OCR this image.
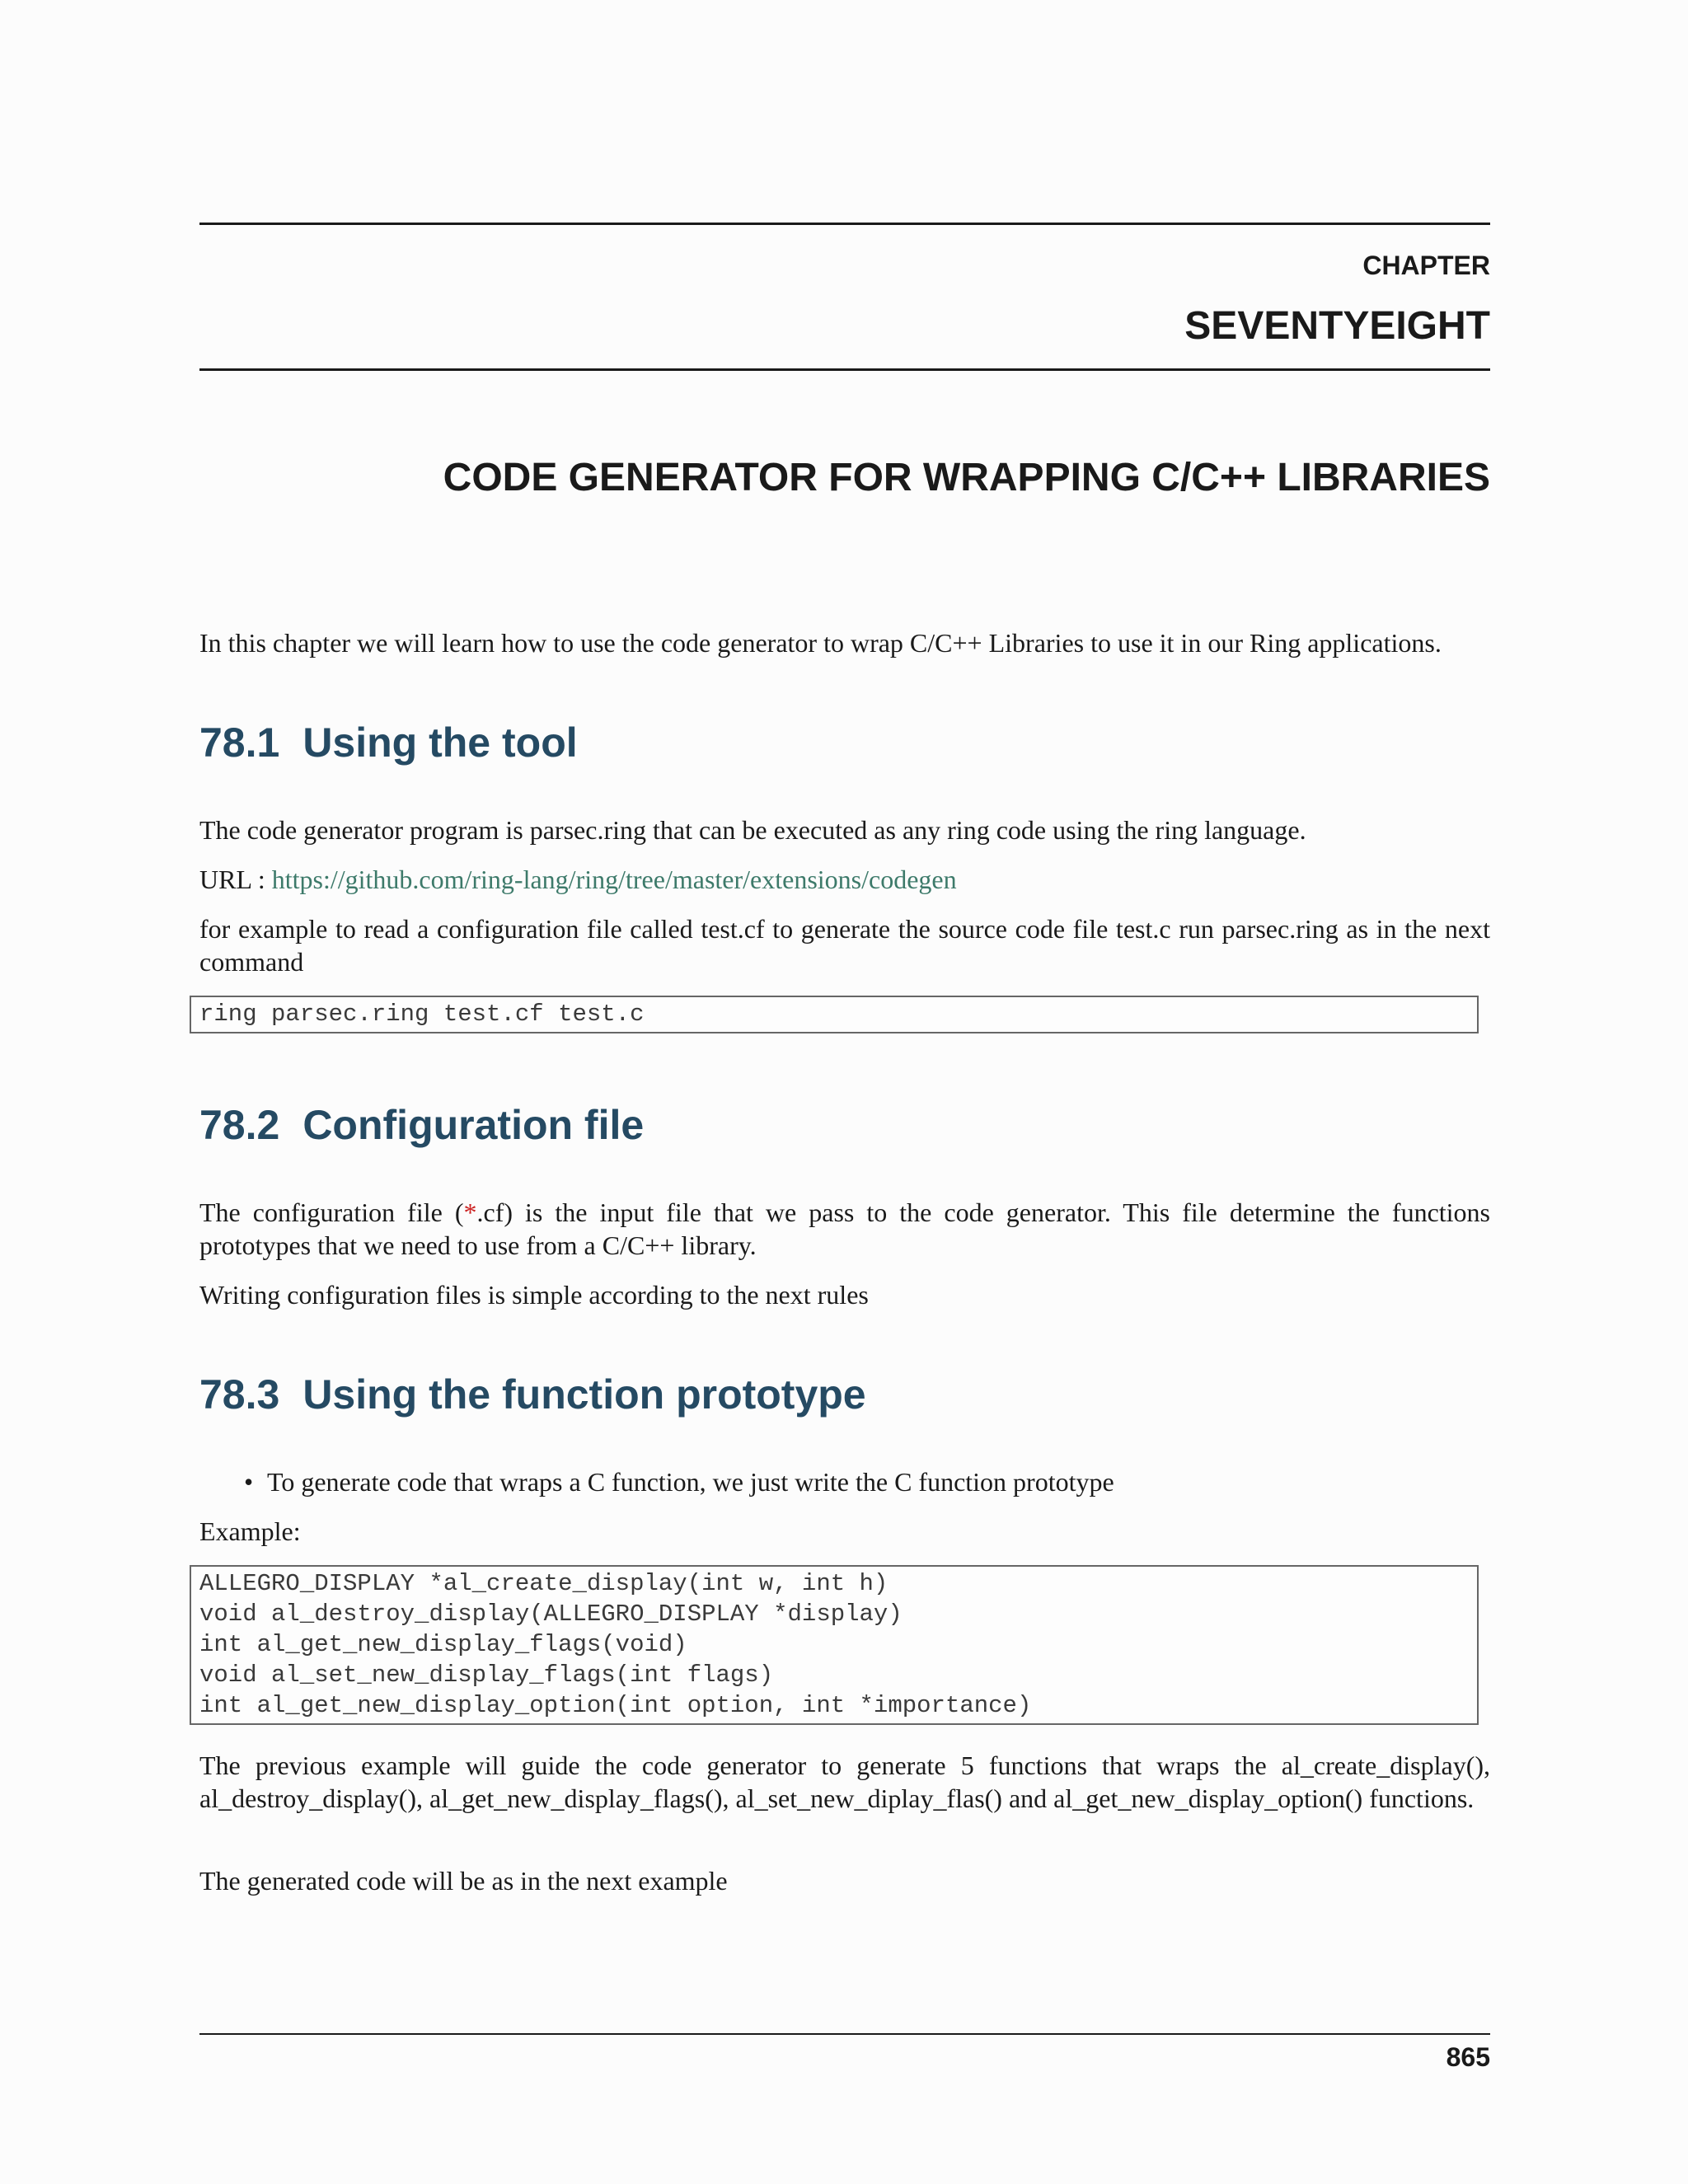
CHAPTER
SEVENTYEIGHT
CODE GENERATOR FOR WRAPPING C/C++ LIBRARIES
In this chapter we will learn how to use the code generator to wrap C/C++ Libraries to use it in our Ring applications.
78.1 Using the tool
The code generator program is parsec.ring that can be executed as any ring code using the ring language.
URL : https://github.com/ring-lang/ring/tree/master/extensions/codegen
for example to read a configuration file called test.cf to generate the source code file test.c run parsec.ring as in the next command
ring parsec.ring test.cf test.c
78.2 Configuration file
The configuration file (*.cf) is the input file that we pass to the code generator. This file determine the functions prototypes that we need to use from a C/C++ library.
Writing configuration files is simple according to the next rules
78.3 Using the function prototype
• To generate code that wraps a C function, we just write the C function prototype
Example:
ALLEGRO_DISPLAY *al_create_display(int w, int h)
void al_destroy_display(ALLEGRO_DISPLAY *display)
int al_get_new_display_flags(void)
void al_set_new_display_flags(int flags)
int al_get_new_display_option(int option, int *importance)
The previous example will guide the code generator to generate 5 functions that wraps the al_create_display(), al_destroy_display(), al_get_new_display_flags(), al_set_new_diplay_flas() and al_get_new_display_option() functions.
The generated code will be as in the next example
865
